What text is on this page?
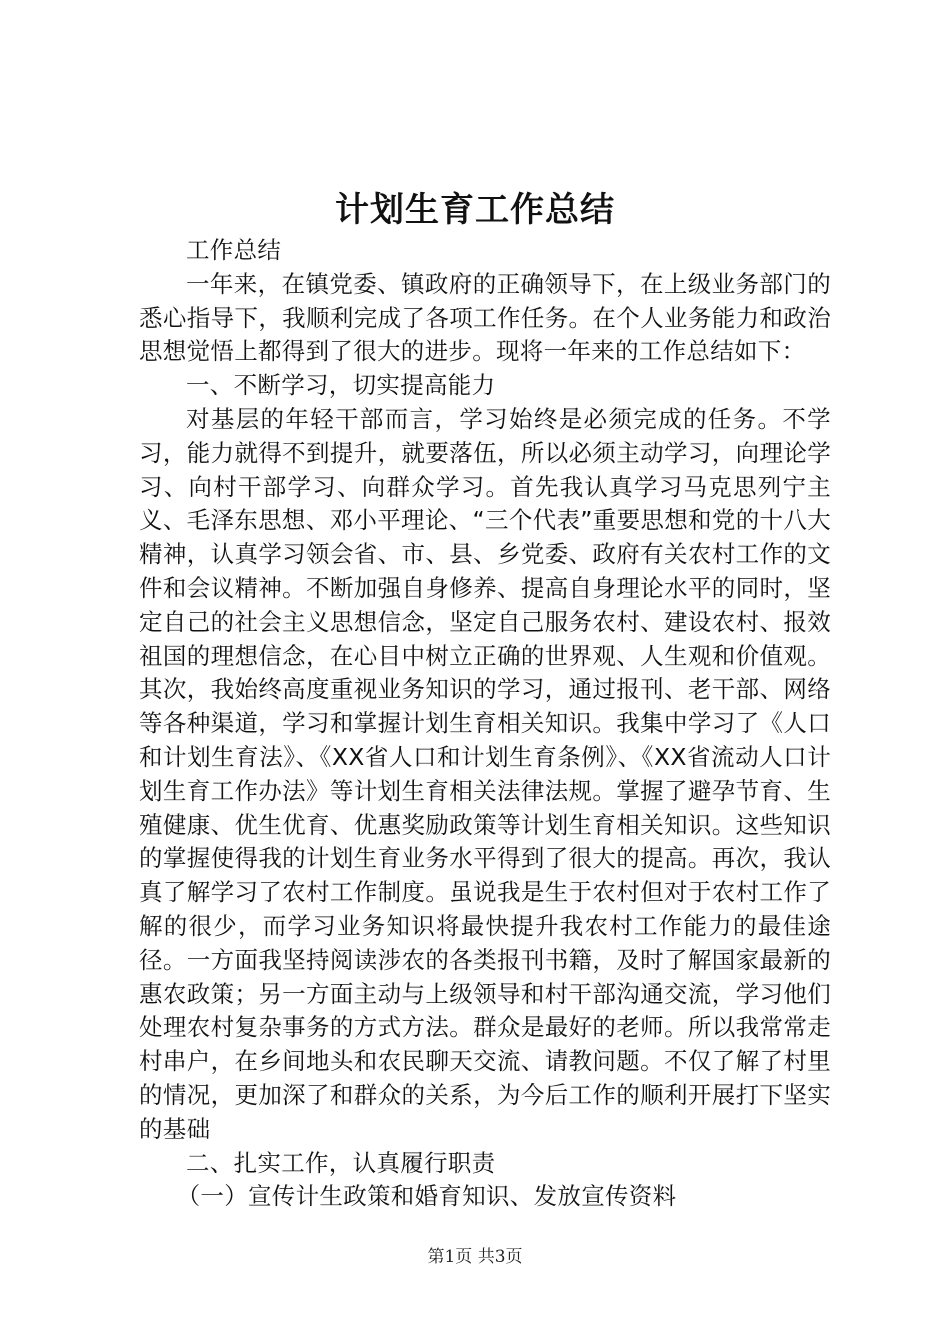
计划生育工作总结

工作总结

一年来，在镇党委、镇政府的正确领导下，在上级业务部门的悉心指导下，我顺利完成了各项工作任务。在个人业务能力和政治思想觉悟上都得到了很大的进步。现将一年来的工作总结如下：

一、不断学习，切实提高能力

对基层的年轻干部而言，学习始终是必须完成的任务。不学习，能力就得不到提升，就要落伍，所以必须主动学习，向理论学习、向村干部学习、向群众学习。首先我认真学习马克思列宁主义、毛泽东思想、邓小平理论、“三个代表”重要思想和党的十八大精神，认真学习领会省、市、县、乡党委、政府有关农村工作的文件和会议精神。不断加强自身修养、提高自身理论水平的同时，坚定自己的社会主义思想信念，坚定自己服务农村、建设农村、报效祖国的理想信念，在心目中树立正确的世界观、人生观和价值观。其次，我始终高度重视业务知识的学习，通过报刊、老干部、网络等各种渠道，学习和掌握计划生育相关知识。我集中学习了《人口和计划生育法》、《XX省人口和计划生育条例》、《XX省流动人口计划生育工作办法》等计划生育相关法律法规。掌握了避孕节育、生殖健康、优生优育、优惠奖励政策等计划生育相关知识。这些知识的掌握使得我的计划生育业务水平得到了很大的提高。再次，我认真了解学习了农村工作制度。虽说我是生于农村但对于农村工作了解的很少，而学习业务知识将最快提升我农村工作能力的最佳途径。一方面我坚持阅读涉农的各类报刊书籍，及时了解国家最新的惠农政策；另一方面主动与上级领导和村干部沟通交流，学习他们处理农村复杂事务的方式方法。群众是最好的老师。所以我常常走村串户，在乡间地头和农民聊天交流、请教问题。不仅了解了村里的情况，更加深了和群众的关系，为今后工作的顺利开展打下坚实的基础

二、扎实工作，认真履行职责

（一）宣传计生政策和婚育知识、发放宣传资料

第1页 共3页
